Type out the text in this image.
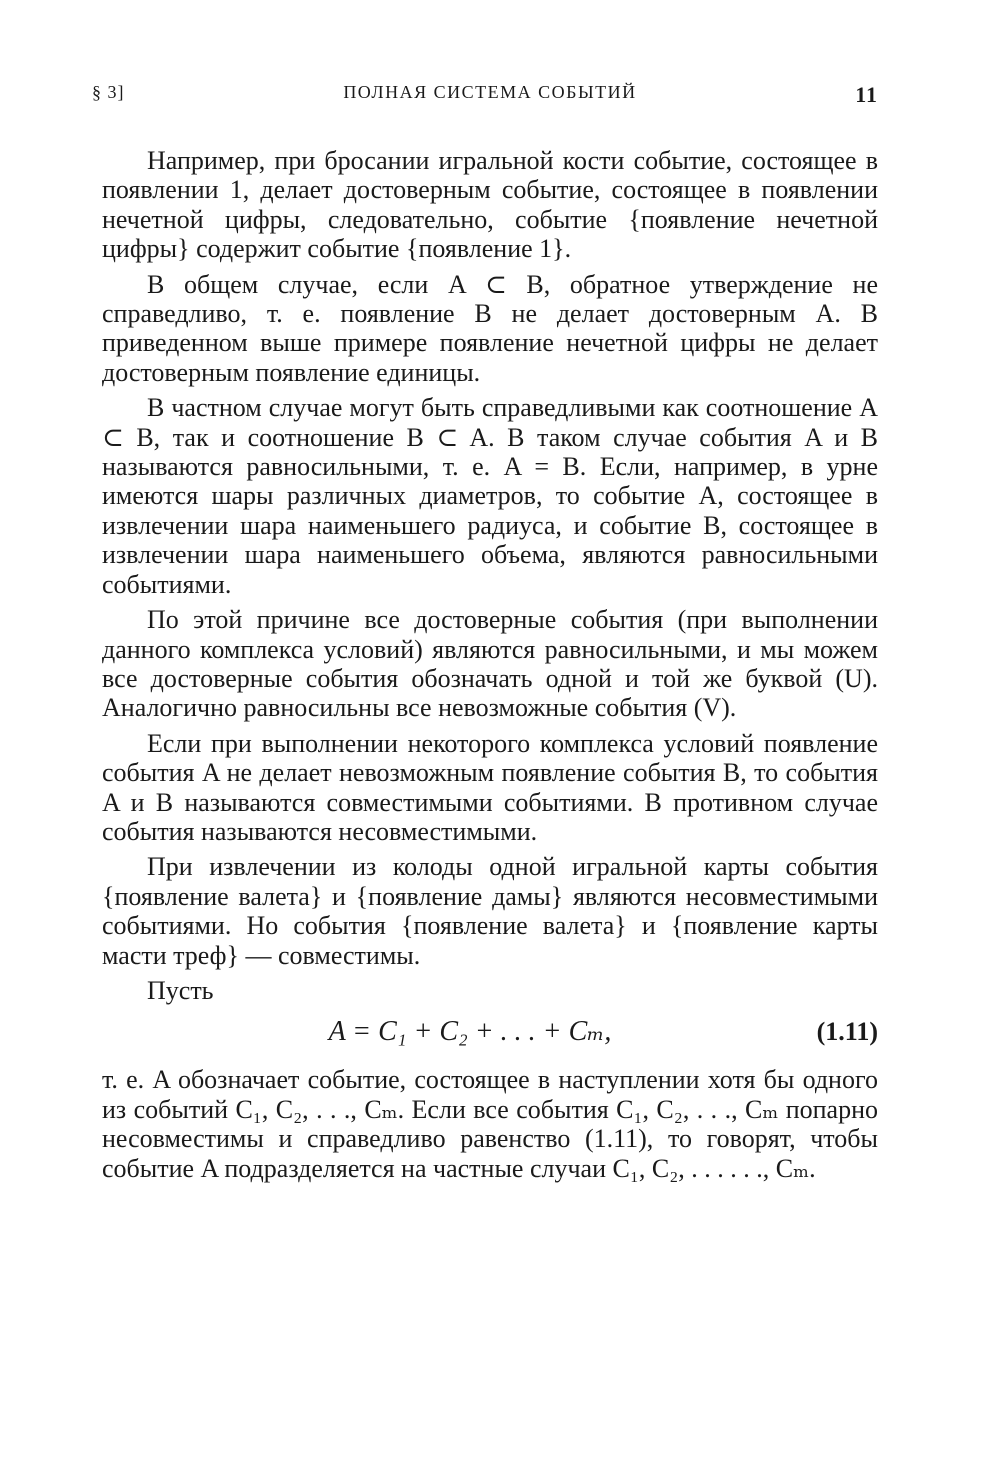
§ 3]	ПОЛНАЯ СИСТЕМА СОБЫТИЙ	11

Например, при бросании игральной кости событие, состоящее в появлении 1, делает достоверным событие, состоящее в появлении нечетной цифры, следовательно, событие {появление нечетной цифры} содержит событие {появление 1}.

В общем случае, если A ⊂ B, обратное утверждение не справедливо, т. е. появление B не делает достоверным A. В приведенном выше примере появление нечетной цифры не делает достоверным появление единицы.

В частном случае могут быть справедливыми как соотношение A ⊂ B, так и соотношение B ⊂ A. В таком случае события A и B называются равносильными, т. е. A = B. Если, например, в урне имеются шары различных диаметров, то событие A, состоящее в извлечении шара наименьшего радиуса, и событие B, состоящее в извлечении шара наименьшего объема, являются равносильными событиями.

По этой причине все достоверные события (при выполнении данного комплекса условий) являются равносильными, и мы можем все достоверные события обозначать одной и той же буквой (U). Аналогично равносильны все невозможные события (V).

Если при выполнении некоторого комплекса условий появление события A не делает невозможным появление события B, то события A и B называются совместимыми событиями. В противном случае события называются несовместимыми.

При извлечении из колоды одной игральной карты события {появление валета} и {появление дамы} являются несовместимыми событиями. Но события {появление валета} и {появление карты масти треф} — совместимы.

Пусть

A = C₁ + C₂ + . . . + Cₘ,	(1.11)

т. е. A обозначает событие, состоящее в наступлении хотя бы одного из событий C₁, C₂, . . ., Cₘ. Если все события C₁, C₂, . . ., Cₘ попарно несовместимы и справедливо равенство (1.11), то говорят, чтобы событие A подразделяется на частные случаи C₁, C₂, . . . . . ., Cₘ.
